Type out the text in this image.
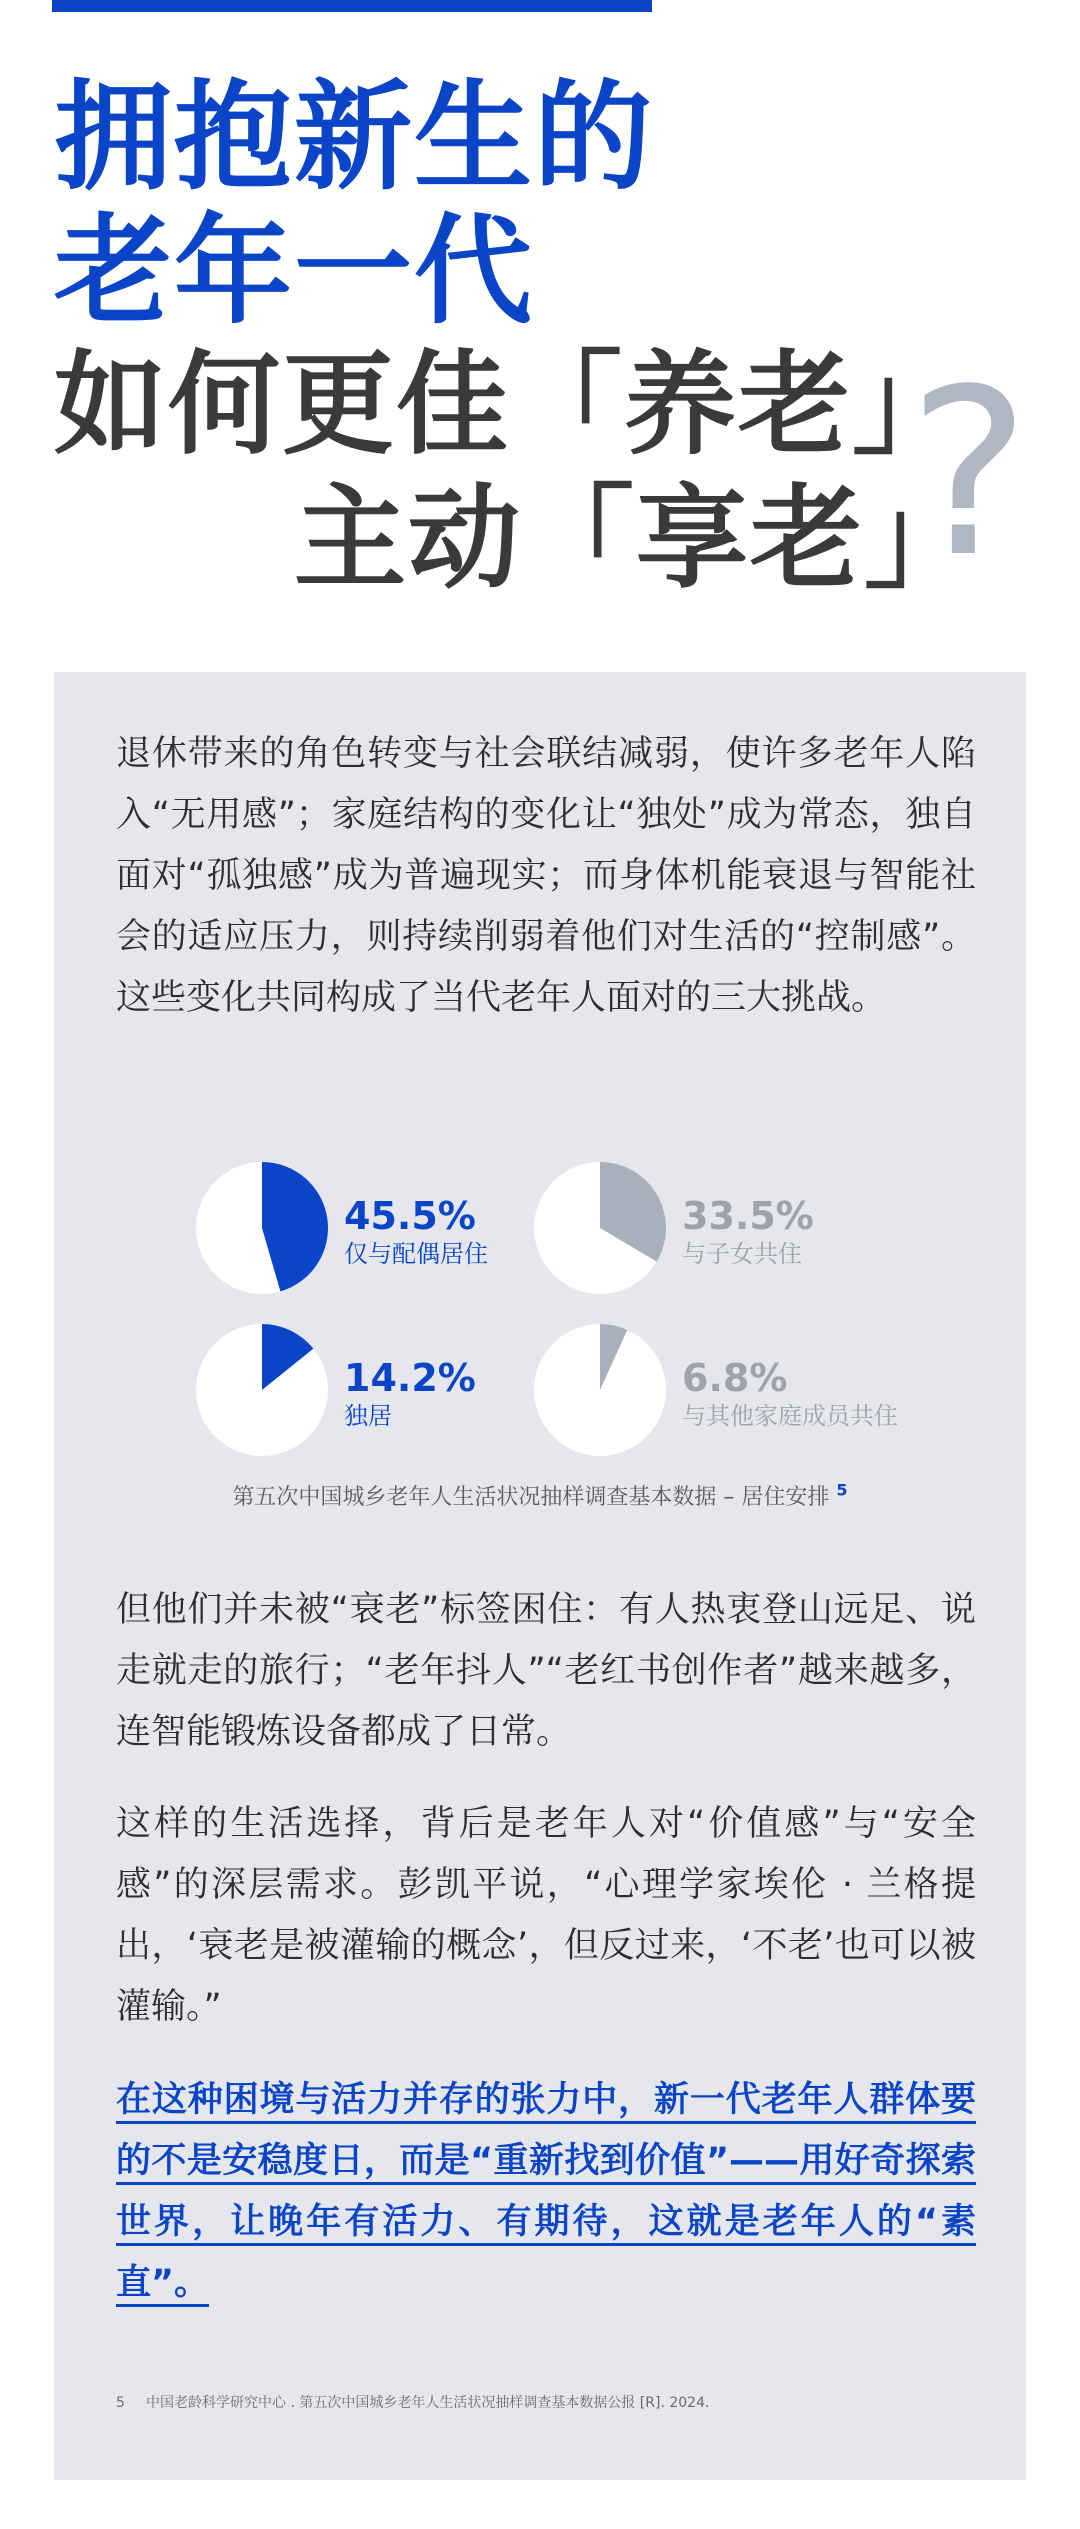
拥抱新生的
老年一代
如何更佳「养老」
主动「享老」
?

退休带来的角色转变与社会联结减弱，使许多老年人陷入“无用感”；家庭结构的变化让“独处”成为常态，独自面对“孤独感”成为普遍现实；而身体机能衰退与智能社会的适应压力，则持续削弱着他们对生活的“控制感”。这些变化共同构成了当代老年人面对的三大挑战。

45.5%
仅与配偶居住
33.5%
与子女共住
14.2%
独居
6.8%
与其他家庭成员共住
第五次中国城乡老年人生活状况抽样调查基本数据 – 居住安排 $^5$

但他们并未被“衰老”标签困住：有人热衷登山远足、说走就走的旅行；“老年抖人”“老红书创作者”越来越多，连智能锻炼设备都成了日常。

这样的生活选择，背后是老年人对“价值感”与“安全感”的深层需求。彭凯平说，“心理学家埃伦 · 兰格提出，‘衰老是被灌输的概念’，但反过来，‘不老’也可以被灌输。”

在这种困境与活力并存的张力中，新一代老年人群体要的不是安稳度日，而是“重新找到价值”——用好奇探索世界，让晚年有活力、有期待，这就是老年人的“素直”。

5 中国老龄科学研究中心 . 第五次中国城乡老年人生活状况抽样调查基本数据公报 [R]. 2024.
